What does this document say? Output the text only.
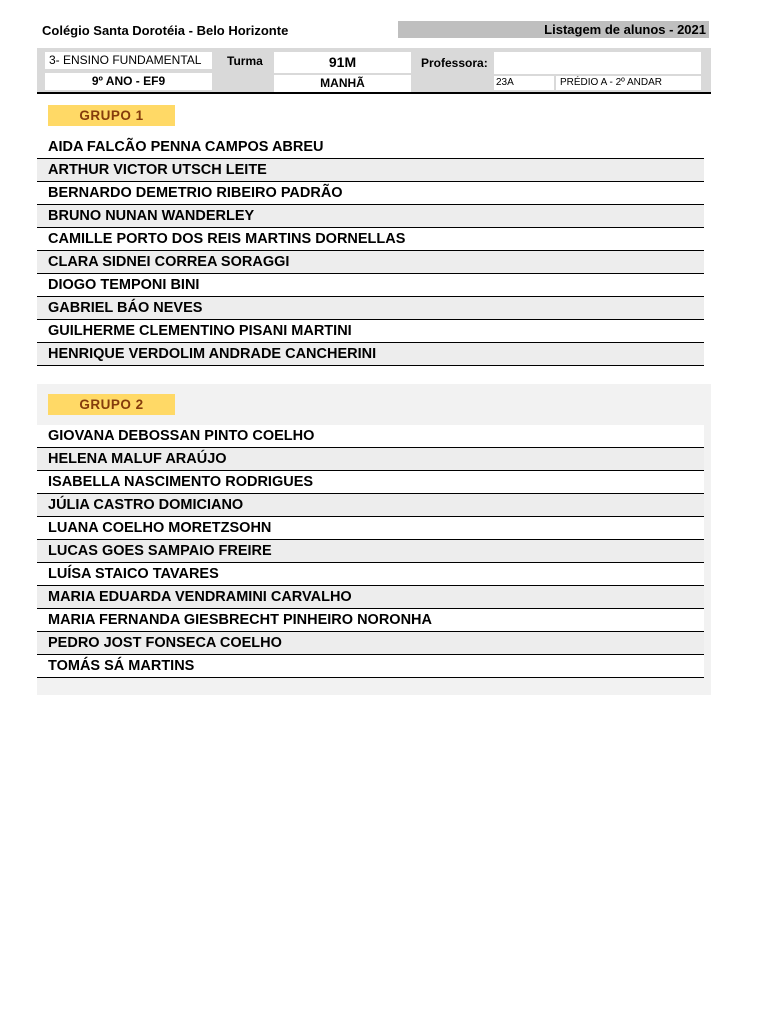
Colégio Santa Dorotéia - Belo Horizonte	Listagem de alunos - 2021
3- ENSINO FUNDAMENTAL
9º ANO - EF9
Turma	91M
MANHÃ
Professora:
23A	PRÉDIO A - 2º ANDAR
GRUPO 1
AIDA FALCÃO PENNA CAMPOS ABREU
ARTHUR VICTOR UTSCH LEITE
BERNARDO DEMETRIO RIBEIRO PADRÃO
BRUNO NUNAN WANDERLEY
CAMILLE PORTO DOS REIS MARTINS DORNELLAS
CLARA SIDNEI CORREA SORAGGI
DIOGO TEMPONI BINI
GABRIEL BÁO NEVES
GUILHERME CLEMENTINO PISANI MARTINI
HENRIQUE VERDOLIM ANDRADE CANCHERINI
GRUPO 2
GIOVANA DEBOSSAN PINTO COELHO
HELENA MALUF ARAÚJO
ISABELLA NASCIMENTO RODRIGUES
JÚLIA CASTRO DOMICIANO
LUANA COELHO MORETZSOHN
LUCAS GOES SAMPAIO FREIRE
LUÍSA STAICO TAVARES
MARIA EDUARDA VENDRAMINI CARVALHO
MARIA FERNANDA GIESBRECHT PINHEIRO NORONHA
PEDRO JOST FONSECA COELHO
TOMÁS SÁ MARTINS
